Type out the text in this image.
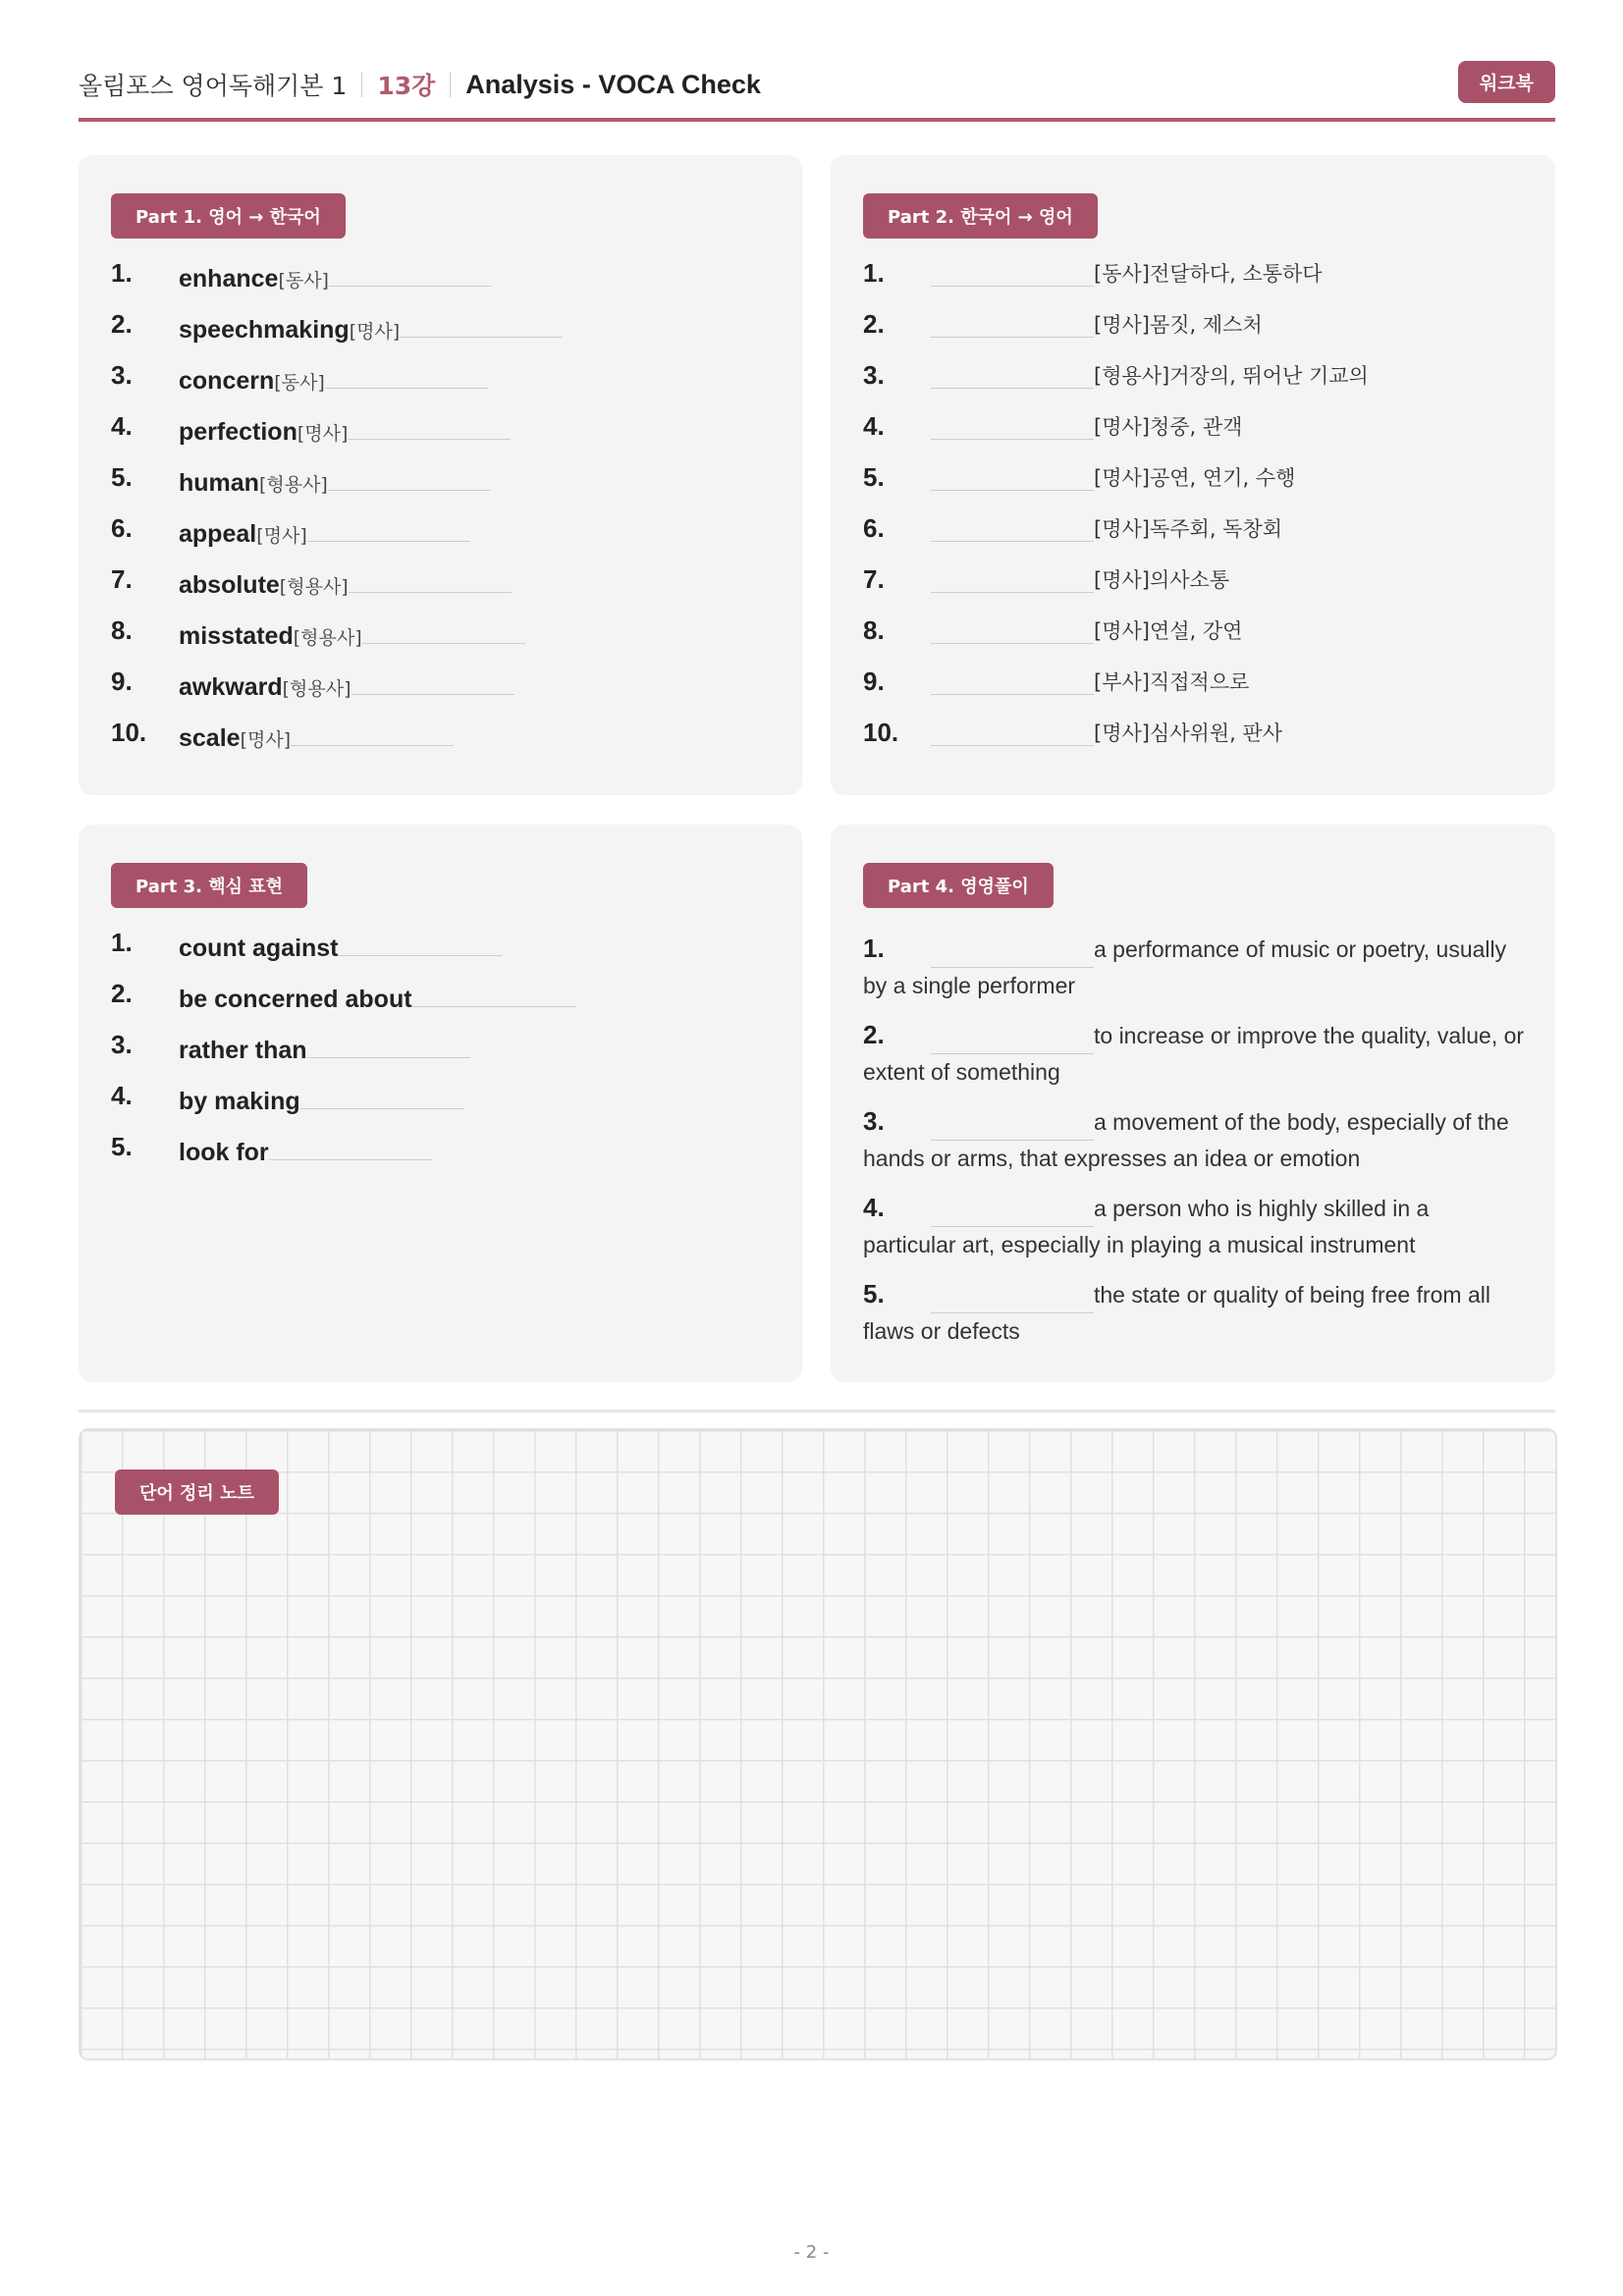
올림포스 영어독해기본 1 13강 Analysis - VOCA Check	워크북
Part 1. 영어 → 한국어
1.	enhance[동사]
2.	speechmaking[명사]
3.	concern[동사]
4.	perfection[명사]
5.	human[형용사]
6.	appeal[명사]
7.	absolute[형용사]
8.	misstated[형용사]
9.	awkward[형용사]
10.	scale[명사]
Part 2. 한국어 → 영어
1.	[동사]전달하다, 소통하다
2.	[명사]몸짓, 제스처
3.	[형용사]거장의, 뛰어난 기교의
4.	[명사]청중, 관객
5.	[명사]공연, 연기, 수행
6.	[명사]독주회, 독창회
7.	[명사]의사소통
8.	[명사]연설, 강연
9.	[부사]직접적으로
10.	[명사]심사위원, 판사
Part 3. 핵심 표현
1.	count against
2.	be concerned about
3.	rather than
4.	by making
5.	look for
Part 4. 영영풀이
1.	a performance of music or poetry, usually by a single performer
2.	to increase or improve the quality, value, or extent of something
3.	a movement of the body, especially of the hands or arms, that expresses an idea or emotion
4.	a person who is highly skilled in a particular art, especially in playing a musical instrument
5.	the state or quality of being free from all flaws or defects
단어 정리 노트
- 2 -
